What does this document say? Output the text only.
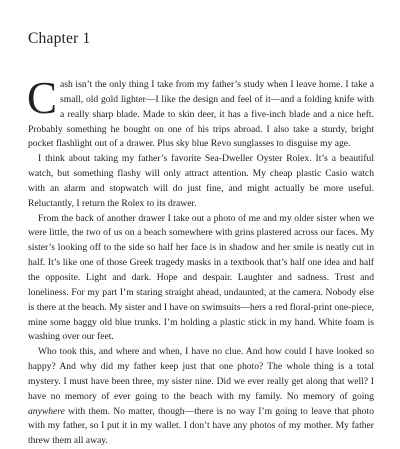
Chapter 1

Cash isn’t the only thing I take from my father’s study when I leave home. I take a small, old gold lighter—I like the design and feel of it—and a folding knife with a really sharp blade. Made to skin deer, it has a five-inch blade and a nice heft. Probably something he bought on one of his trips abroad. I also take a sturdy, bright pocket flashlight out of a drawer. Plus sky blue Revo sunglasses to disguise my age.

I think about taking my father’s favorite Sea-Dweller Oyster Rolex. It’s a beautiful watch, but something flashy will only attract attention. My cheap plastic Casio watch with an alarm and stopwatch will do just fine, and might actually be more useful. Reluctantly, I return the Rolex to its drawer.

From the back of another drawer I take out a photo of me and my older sister when we were little, the two of us on a beach somewhere with grins plastered across our faces. My sister’s looking off to the side so half her face is in shadow and her smile is neatly cut in half. It’s like one of those Greek tragedy masks in a textbook that’s half one idea and half the opposite. Light and dark. Hope and despair. Laughter and sadness. Trust and loneliness. For my part I’m staring straight ahead, undaunted, at the camera. Nobody else is there at the beach. My sister and I have on swimsuits—hers a red floral-print one-piece, mine some baggy old blue trunks. I’m holding a plastic stick in my hand. White foam is washing over our feet.

Who took this, and where and when, I have no clue. And how could I have looked so happy? And why did my father keep just that one photo? The whole thing is a total mystery. I must have been three, my sister nine. Did we ever really get along that well? I have no memory of ever going to the beach with my family. No memory of going anywhere with them. No matter, though—there is no way I’m going to leave that photo with my father, so I put it in my wallet. I don’t have any photos of my mother. My father threw them all away.
